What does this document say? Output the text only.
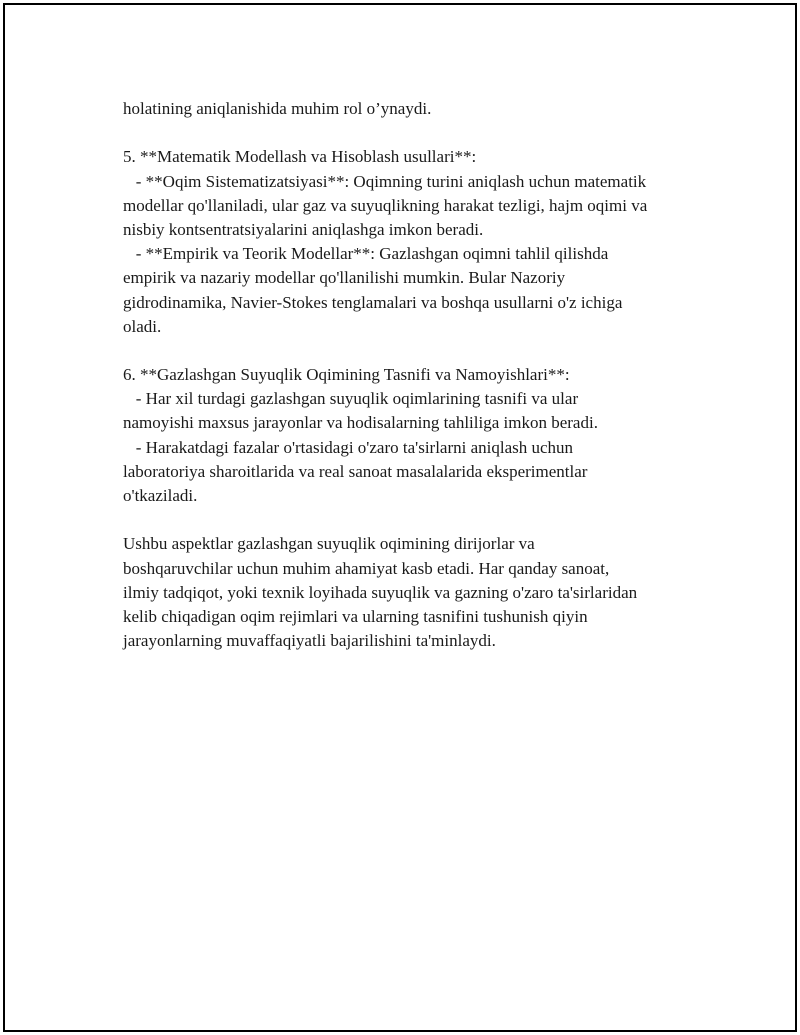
holatining aniqlanishida muhim rol o’ynaydi.
5. **Matematik Modellash va Hisoblash usullari**:
- **Oqim Sistematizatsiyasi**: Oqimning turini aniqlash uchun matematik
modellar qo'llaniladi, ular gaz va suyuqlikning harakat tezligi, hajm oqimi va
nisbiy kontsentratsiyalarini aniqlashga imkon beradi.
- **Empirik va Teorik Modellar**: Gazlashgan oqimni tahlil qilishda
empirik va nazariy modellar qo'llanilishi mumkin. Bular Nazoriy
gidrodinamika, Navier-Stokes tenglamalari va boshqa usullarni o'z ichiga
oladi.
6. **Gazlashgan Suyuqlik Oqimining Tasnifi va Namoyishlari**:
- Har xil turdagi gazlashgan suyuqlik oqimlarining tasnifi va ular
namoyishi maxsus jarayonlar va hodisalarning tahliliga imkon beradi.
- Harakatdagi fazalar o'rtasidagi o'zaro ta'sirlarni aniqlash uchun
laboratoriya sharoitlarida va real sanoat masalalarida eksperimentlar
o'tkaziladi.
Ushbu aspektlar gazlashgan suyuqlik oqimining dirijorlar va
boshqaruvchilar uchun muhim ahamiyat kasb etadi. Har qanday sanoat,
ilmiy tadqiqot, yoki texnik loyihada suyuqlik va gazning o'zaro ta'sirlaridan
kelib chiqadigan oqim rejimlari va ularning tasnifini tushunish qiyin
jarayonlarning muvaffaqiyatli bajarilishini ta'minlaydi.
